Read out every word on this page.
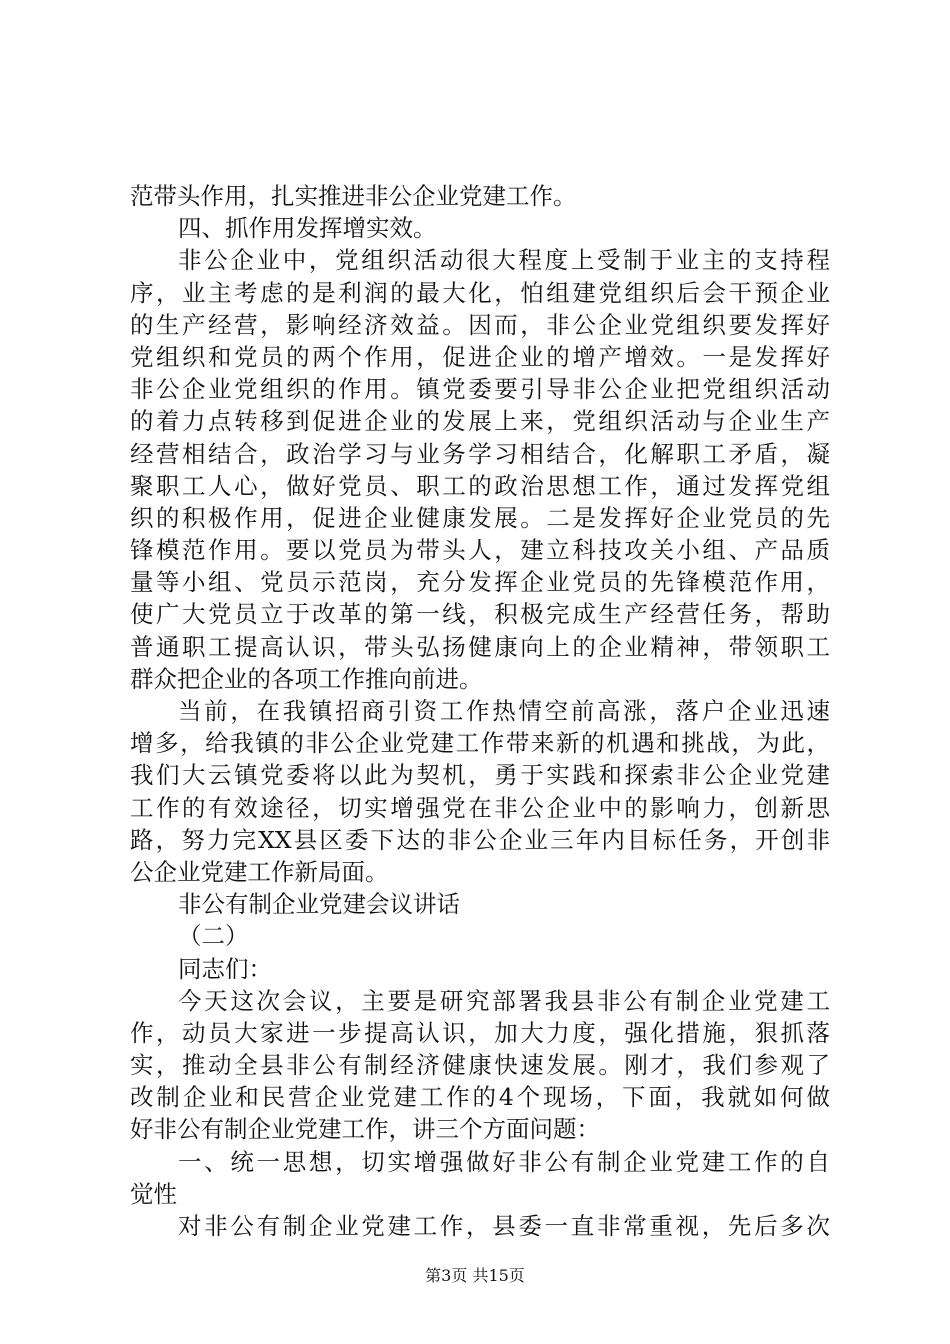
范带头作用，扎实推进非公企业党建工作。
四、抓作用发挥增实效。
非公企业中，党组织活动很大程度上受制于业主的支持程
序，业主考虑的是利润的最大化，怕组建党组织后会干预企业
的生产经营，影响经济效益。因而，非公企业党组织要发挥好
党组织和党员的两个作用，促进企业的增产增效。一是发挥好
非公企业党组织的作用。镇党委要引导非公企业把党组织活动
的着力点转移到促进企业的发展上来，党组织活动与企业生产
经营相结合，政治学习与业务学习相结合，化解职工矛盾，凝
聚职工人心，做好党员、职工的政治思想工作，通过发挥党组
织的积极作用，促进企业健康发展。二是发挥好企业党员的先
锋模范作用。要以党员为带头人，建立科技攻关小组、产品质
量等小组、党员示范岗，充分发挥企业党员的先锋模范作用，
使广大党员立于改革的第一线，积极完成生产经营任务，帮助
普通职工提高认识，带头弘扬健康向上的企业精神，带领职工
群众把企业的各项工作推向前进。
当前，在我镇招商引资工作热情空前高涨，落户企业迅速
增多，给我镇的非公企业党建工作带来新的机遇和挑战，为此，
我们大云镇党委将以此为契机，勇于实践和探索非公企业党建
工作的有效途径，切实增强党在非公企业中的影响力，创新思
路，努力完XX县区委下达的非公企业三年内目标任务，开创非
公企业党建工作新局面。
非公有制企业党建会议讲话
（二）
同志们：
今天这次会议，主要是研究部署我县非公有制企业党建工
作，动员大家进一步提高认识，加大力度，强化措施，狠抓落
实，推动全县非公有制经济健康快速发展。刚才，我们参观了
改制企业和民营企业党建工作的4个现场，下面，我就如何做
好非公有制企业党建工作，讲三个方面问题：
一、统一思想，切实增强做好非公有制企业党建工作的自
觉性
对非公有制企业党建工作，县委一直非常重视，先后多次
第3页 共15页
